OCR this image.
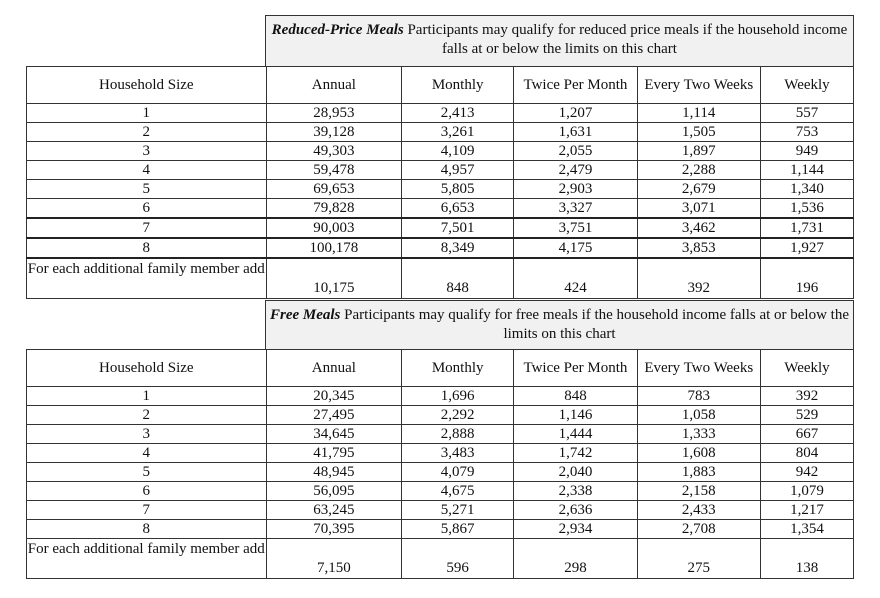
Reduced-Price Meals Participants may qualify for reduced price meals if the household income falls at or below the limits on this chart
Household Size	Annual	Monthly	Twice Per Month	Every Two Weeks	Weekly
1	28,953	2,413	1,207	1,114	557
2	39,128	3,261	1,631	1,505	753
3	49,303	4,109	2,055	1,897	949
4	59,478	4,957	2,479	2,288	1,144
5	69,653	5,805	2,903	2,679	1,340
6	79,828	6,653	3,327	3,071	1,536
7	90,003	7,501	3,751	3,462	1,731
8	100,178	8,349	4,175	3,853	1,927
For each additional family member add	10,175	848	424	392	196
Free Meals Participants may qualify for free meals if the household income falls at or below the limits on this chart
Household Size	Annual	Monthly	Twice Per Month	Every Two Weeks	Weekly
1	20,345	1,696	848	783	392
2	27,495	2,292	1,146	1,058	529
3	34,645	2,888	1,444	1,333	667
4	41,795	3,483	1,742	1,608	804
5	48,945	4,079	2,040	1,883	942
6	56,095	4,675	2,338	2,158	1,079
7	63,245	5,271	2,636	2,433	1,217
8	70,395	5,867	2,934	2,708	1,354
For each additional family member add	7,150	596	298	275	138
